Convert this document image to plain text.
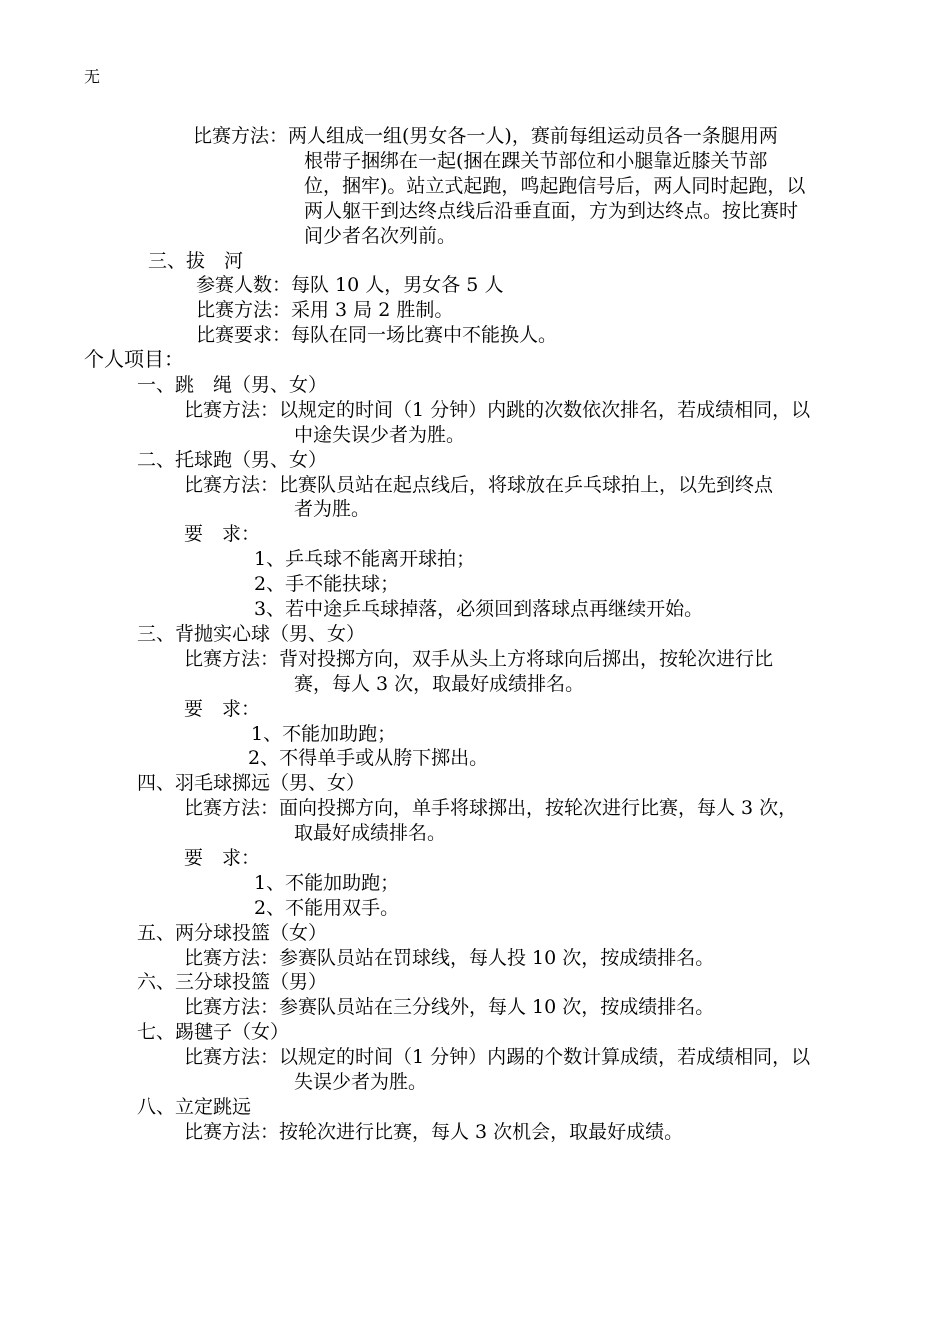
无
比赛方法：两人组成一组(男女各一人)，赛前每组运动员各一条腿用两
根带子捆绑在一起(捆在踝关节部位和小腿靠近膝关节部
位，捆牢)。站立式起跑，鸣起跑信号后，两人同时起跑，以
两人躯干到达终点线后沿垂直面，方为到达终点。按比赛时
间少者名次列前。
三、拔　河
参赛人数：每队 10 人，男女各 5 人
比赛方法：采用 3 局 2 胜制。
比赛要求：每队在同一场比赛中不能换人。
个人项目：
一、跳　绳（男、女）
比赛方法：以规定的时间（1 分钟）内跳的次数依次排名，若成绩相同，以
中途失误少者为胜。
二、托球跑（男、女）
比赛方法：比赛队员站在起点线后，将球放在乒乓球拍上，以先到终点
者为胜。
要　求：
1、乒乓球不能离开球拍；
2、手不能扶球；
3、若中途乒乓球掉落，必须回到落球点再继续开始。
三、背抛实心球（男、女）
比赛方法：背对投掷方向，双手从头上方将球向后掷出，按轮次进行比
赛，每人 3 次，取最好成绩排名。
要　求：
1、不能加助跑；
2、不得单手或从胯下掷出。
四、羽毛球掷远（男、女）
比赛方法：面向投掷方向，单手将球掷出，按轮次进行比赛，每人 3 次，
取最好成绩排名。
要　求：
1、不能加助跑；
2、不能用双手。
五、两分球投篮（女）
比赛方法：参赛队员站在罚球线，每人投 10 次，按成绩排名。
六、三分球投篮（男）
比赛方法：参赛队员站在三分线外，每人 10 次，按成绩排名。
七、踢毽子（女）
比赛方法：以规定的时间（1 分钟）内踢的个数计算成绩，若成绩相同，以
失误少者为胜。
八、立定跳远
比赛方法：按轮次进行比赛，每人 3 次机会，取最好成绩。
